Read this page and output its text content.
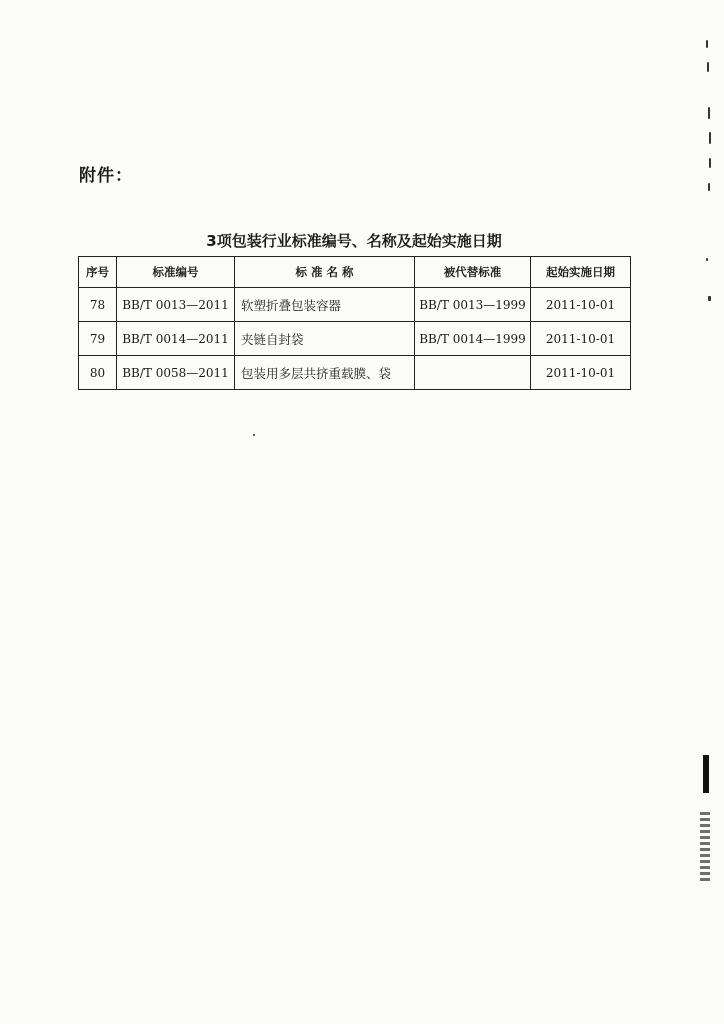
附件：
3项包装行业标准编号、名称及起始实施日期
序号	标准编号	标 准 名 称	被代替标准	起始实施日期
78	BB/T 0013—2011	软塑折叠包装容器	BB/T 0013—1999	2011-10-01
79	BB/T 0014—2011	夹链自封袋	BB/T 0014—1999	2011-10-01
80	BB/T 0058—2011	包装用多层共挤重载膜、袋		2011-10-01
